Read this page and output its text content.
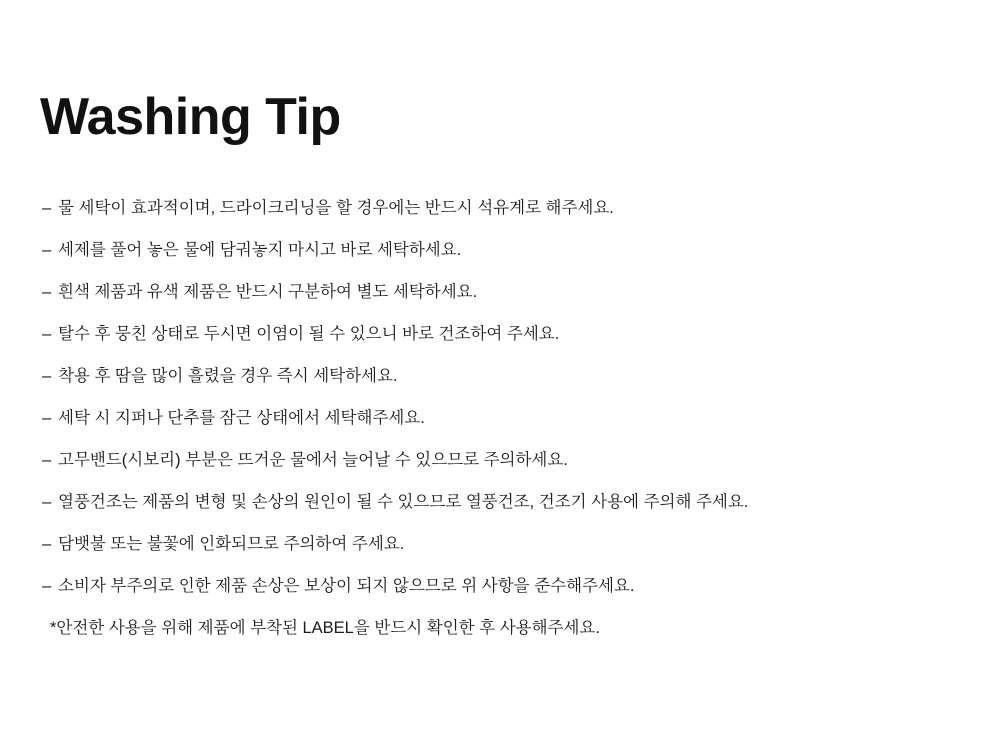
Washing Tip
– 물 세탁이 효과적이며, 드라이크리닝을 할 경우에는 반드시 석유계로 해주세요.
– 세제를 풀어 놓은 물에 담궈놓지 마시고 바로 세탁하세요.
– 흰색 제품과 유색 제품은 반드시 구분하여 별도 세탁하세요.
– 탈수 후 뭉친 상태로 두시면 이염이 될 수 있으니 바로 건조하여 주세요.
– 착용 후 땀을 많이 흘렸을 경우 즉시 세탁하세요.
– 세탁 시 지퍼나 단추를 잠근 상태에서 세탁해주세요.
– 고무밴드(시보리) 부분은 뜨거운 물에서 늘어날 수 있으므로 주의하세요.
– 열풍건조는 제품의 변형 및 손상의 원인이 될 수 있으므로 열풍건조, 건조기 사용에 주의해 주세요.
– 담뱃불 또는 불꽃에 인화되므로 주의하여 주세요.
– 소비자 부주의로 인한 제품 손상은 보상이 되지 않으므로 위 사항을 준수해주세요.
*안전한 사용을 위해 제품에 부착된 LABEL을 반드시 확인한 후 사용해주세요.
